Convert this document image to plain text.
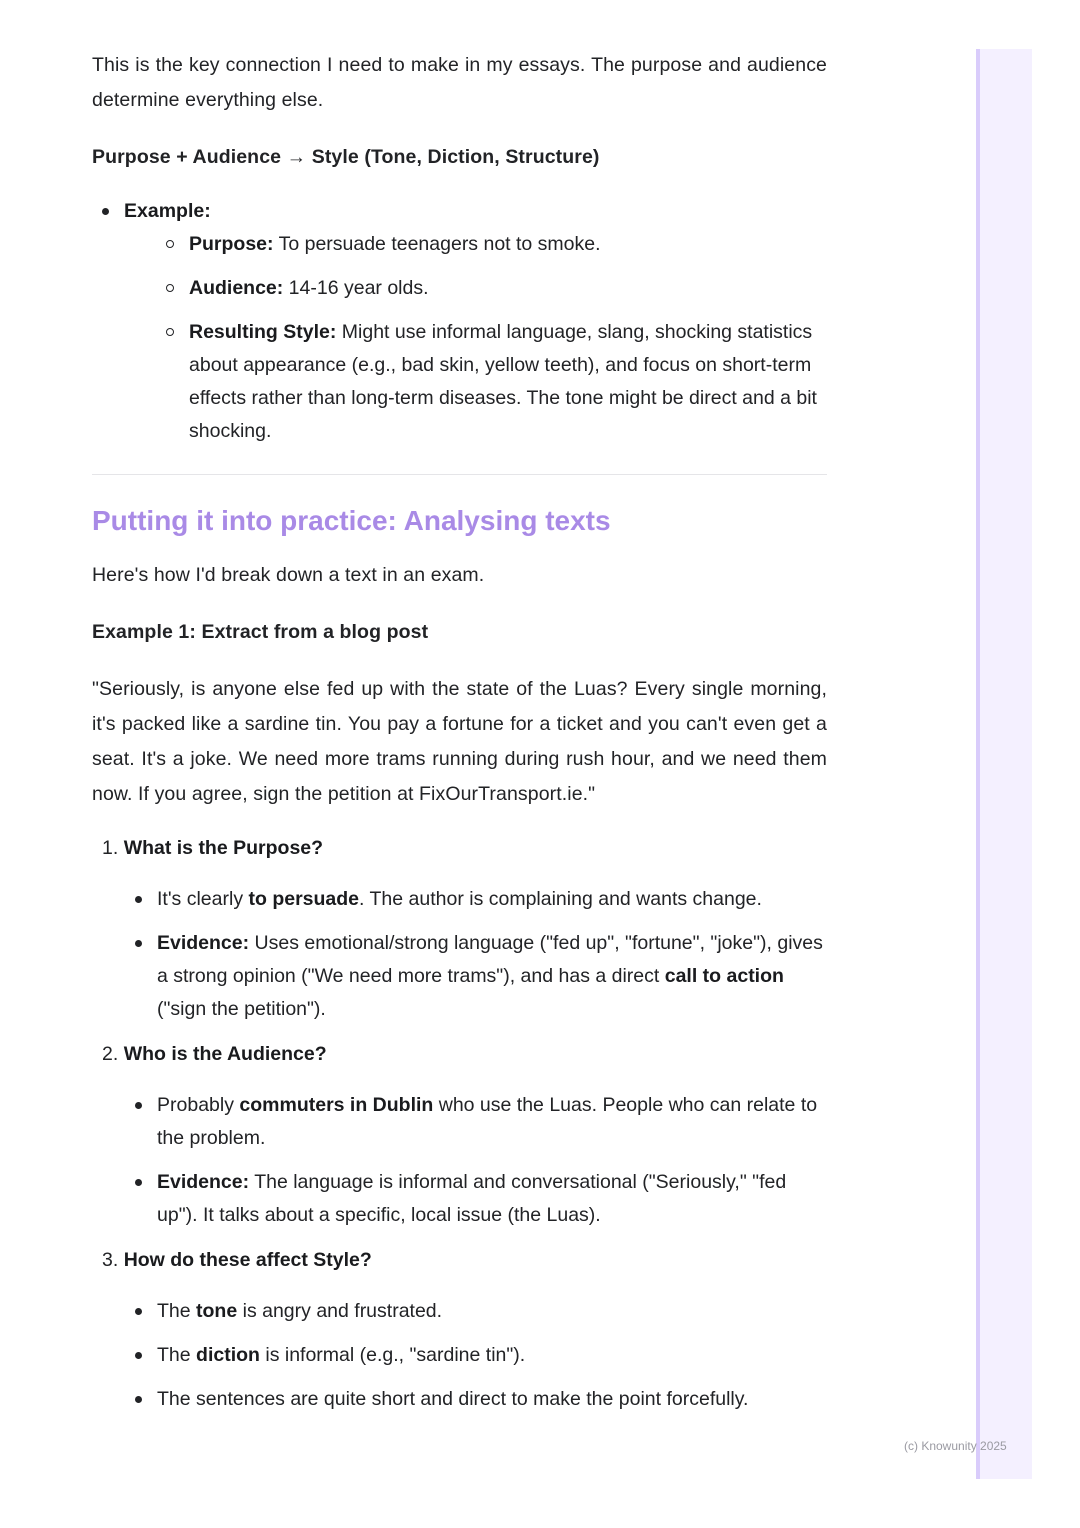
This is the key connection I need to make in my essays. The purpose and audience determine everything else.

Purpose + Audience → Style (Tone, Diction, Structure)

Example:
Purpose: To persuade teenagers not to smoke.
Audience: 14-16 year olds.
Resulting Style: Might use informal language, slang, shocking statistics about appearance (e.g., bad skin, yellow teeth), and focus on short-term effects rather than long-term diseases. The tone might be direct and a bit shocking.
Putting it into practice: Analysing texts

Here's how I'd break down a text in an exam.

Example 1: Extract from a blog post

"Seriously, is anyone else fed up with the state of the Luas? Every single morning, it's packed like a sardine tin. You pay a fortune for a ticket and you can't even get a seat. It's a joke. We need more trams running during rush hour, and we need them now. If you agree, sign the petition at FixOurTransport.ie."

1. What is the Purpose?
It's clearly to persuade. The author is complaining and wants change.
Evidence: Uses emotional/strong language ("fed up", "fortune", "joke"), gives a strong opinion ("We need more trams"), and has a direct call to action ("sign the petition").
2. Who is the Audience?
Probably commuters in Dublin who use the Luas. People who can relate to the problem.
Evidence: The language is informal and conversational ("Seriously," "fed up"). It talks about a specific, local issue (the Luas).
3. How do these affect Style?
The tone is angry and frustrated.
The diction is informal (e.g., "sardine tin").
The sentences are quite short and direct to make the point forcefully.
(c) Knowunity 2025
